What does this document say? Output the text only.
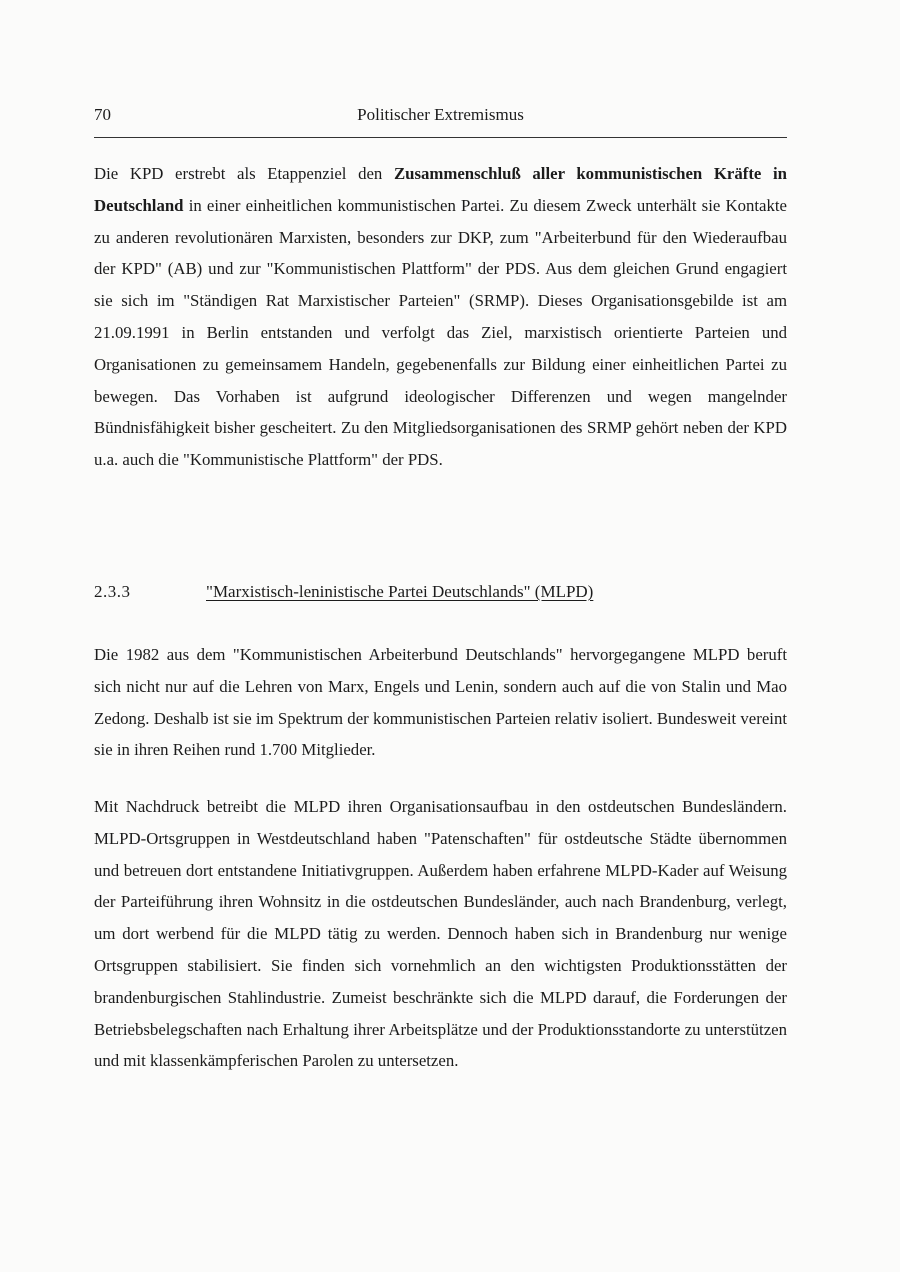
70	Politischer Extremismus

Die KPD erstrebt als Etappenziel den Zusammenschluß aller kommunistischen Kräfte in Deutschland in einer einheitlichen kommunistischen Partei. Zu diesem Zweck unterhält sie Kontakte zu anderen revolutionären Marxisten, besonders zur DKP, zum "Arbeiterbund für den Wiederaufbau der KPD" (AB) und zur "Kommunistischen Plattform" der PDS. Aus dem gleichen Grund engagiert sie sich im "Ständigen Rat Marxistischer Parteien" (SRMP). Dieses Organisationsgebilde ist am 21.09.1991 in Berlin entstanden und verfolgt das Ziel, marxistisch orientierte Parteien und Organisationen zu gemeinsamem Handeln, gegebenenfalls zur Bildung einer einheitlichen Partei zu bewegen. Das Vorhaben ist aufgrund ideologischer Differenzen und wegen mangelnder Bündnisfähigkeit bisher gescheitert. Zu den Mitgliedsorganisationen des SRMP gehört neben der KPD u.a. auch die "Kommunistische Plattform" der PDS.

2.3.3	"Marxistisch-leninistische Partei Deutschlands" (MLPD)

Die 1982 aus dem "Kommunistischen Arbeiterbund Deutschlands" hervorgegangene MLPD beruft sich nicht nur auf die Lehren von Marx, Engels und Lenin, sondern auch auf die von Stalin und Mao Zedong. Deshalb ist sie im Spektrum der kommunistischen Parteien relativ isoliert. Bundesweit vereint sie in ihren Reihen rund 1.700 Mitglieder.

Mit Nachdruck betreibt die MLPD ihren Organisationsaufbau in den ostdeutschen Bundesländern. MLPD-Ortsgruppen in Westdeutschland haben "Patenschaften" für ostdeutsche Städte übernommen und betreuen dort entstandene Initiativgruppen. Außerdem haben erfahrene MLPD-Kader auf Weisung der Parteiführung ihren Wohnsitz in die ostdeutschen Bundesländer, auch nach Brandenburg, verlegt, um dort werbend für die MLPD tätig zu werden. Dennoch haben sich in Brandenburg nur wenige Ortsgruppen stabilisiert. Sie finden sich vornehmlich an den wichtigsten Produktionsstätten der brandenburgischen Stahlindustrie. Zumeist beschränkte sich die MLPD darauf, die Forderungen der Betriebsbelegschaften nach Erhaltung ihrer Arbeitsplätze und der Produktionsstandorte zu unterstützen und mit klassenkämpferischen Parolen zu untersetzen.
